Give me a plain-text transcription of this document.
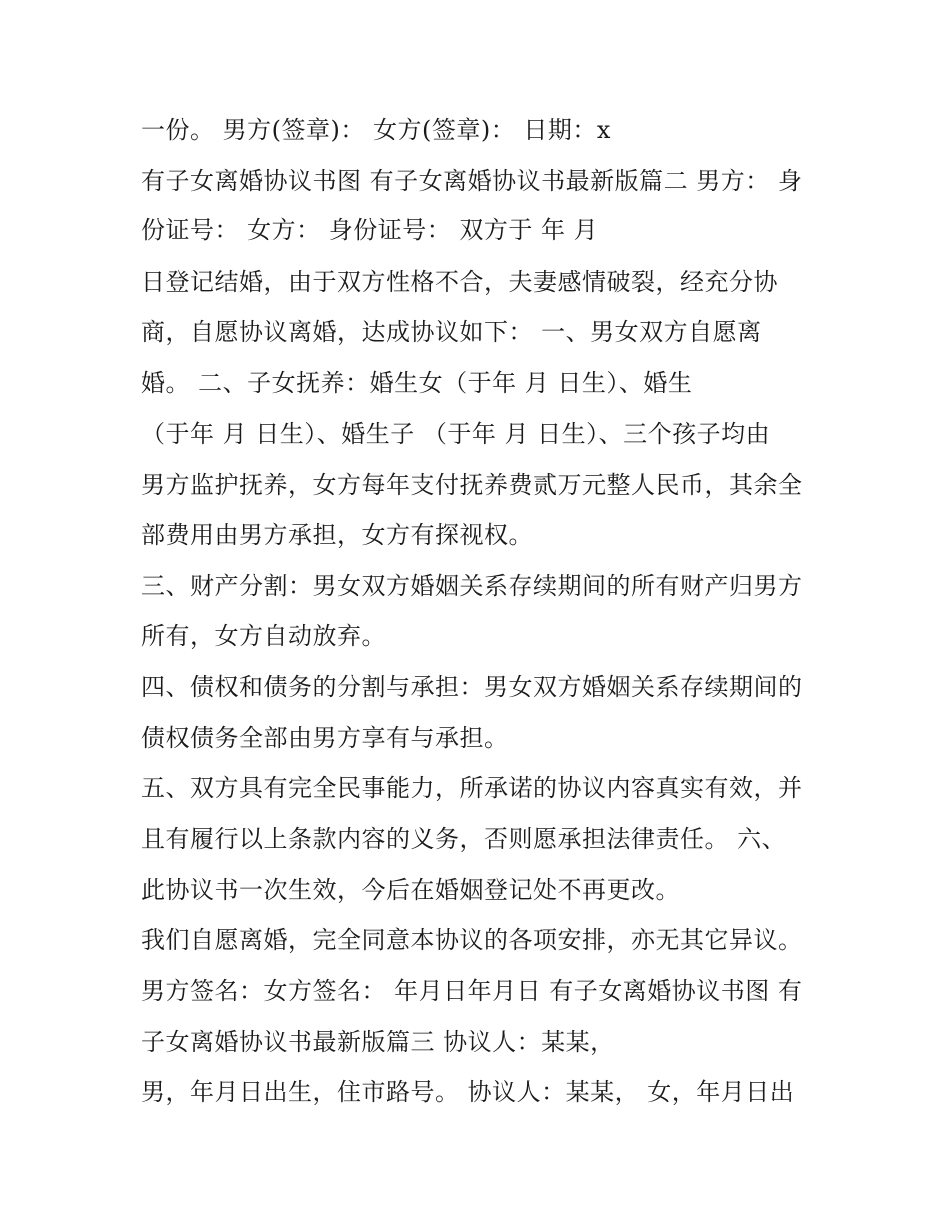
一份。 男方(签章)： 女方(签章)： 日期：x
有子女离婚协议书图 有子女离婚协议书最新版篇二 男方： 身
份证号： 女方： 身份证号： 双方于 年 月
日登记结婚，由于双方性格不合，夫妻感情破裂，经充分协
商，自愿协议离婚，达成协议如下： 一、男女双方自愿离
婚。 二、子女抚养：婚生女（于年 月 日生）、婚生
（于年 月 日生）、婚生子 （于年 月 日生）、三个孩子均由
男方监护抚养，女方每年支付抚养费贰万元整人民币，其余全
部费用由男方承担，女方有探视权。
三、财产分割：男女双方婚姻关系存续期间的所有财产归男方
所有，女方自动放弃。
四、债权和债务的分割与承担：男女双方婚姻关系存续期间的
债权债务全部由男方享有与承担。
五、双方具有完全民事能力，所承诺的协议内容真实有效，并
且有履行以上条款内容的义务，否则愿承担法律责任。 六、
此协议书一次生效，今后在婚姻登记处不再更改。
我们自愿离婚，完全同意本协议的各项安排，亦无其它异议。
男方签名：女方签名： 年月日年月日 有子女离婚协议书图 有
子女离婚协议书最新版篇三 协议人：某某，
男，年月日出生，住市路号。 协议人：某某， 女，年月日出
